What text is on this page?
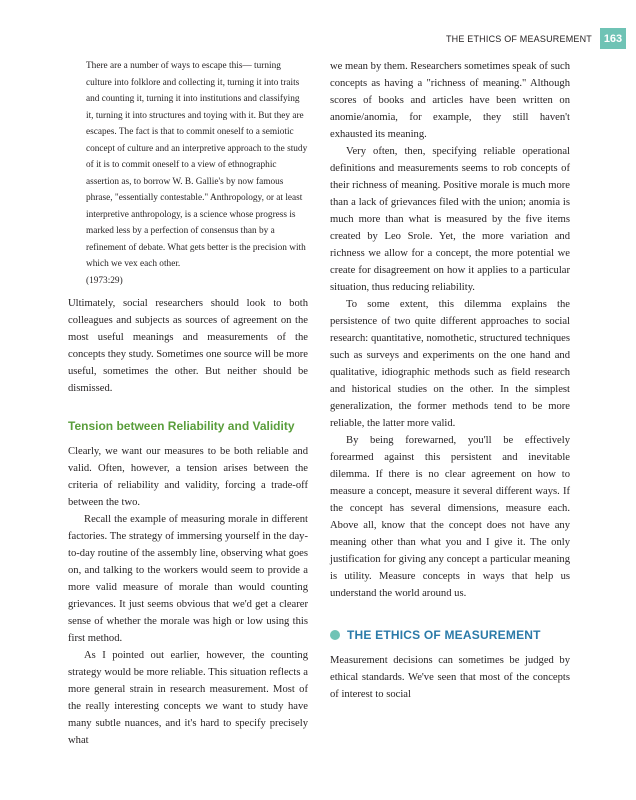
THE ETHICS OF MEASUREMENT	163

There are a number of ways to escape this— turning culture into folklore and collecting it, turning it into traits and counting it, turning it into institutions and classifying it, turning it into structures and toying with it. But they are escapes. The fact is that to commit oneself to a semiotic concept of culture and an interpretive approach to the study of it is to commit oneself to a view of ethnographic assertion as, to borrow W. B. Gallie's by now famous phrase, "essentially contestable." Anthropology, or at least interpretive anthropology, is a science whose progress is marked less by a perfection of consensus than by a refinement of debate. What gets better is the precision with which we vex each other.
(1973:29)

Ultimately, social researchers should look to both colleagues and subjects as sources of agreement on the most useful meanings and measurements of the concepts they study. Sometimes one source will be more useful, sometimes the other. But neither should be dismissed.

Tension between Reliability and Validity

Clearly, we want our measures to be both reliable and valid. Often, however, a tension arises between the criteria of reliability and validity, forcing a trade-off between the two.

Recall the example of measuring morale in different factories. The strategy of immersing yourself in the day-to-day routine of the assembly line, observing what goes on, and talking to the workers would seem to provide a more valid measure of morale than would counting grievances. It just seems obvious that we'd get a clearer sense of whether the morale was high or low using this first method.

As I pointed out earlier, however, the counting strategy would be more reliable. This situation reflects a more general strain in research measurement. Most of the really interesting concepts we want to study have many subtle nuances, and it's hard to specify precisely what

we mean by them. Researchers sometimes speak of such concepts as having a "richness of meaning." Although scores of books and articles have been written on anomie/anomia, for example, they still haven't exhausted its meaning.

Very often, then, specifying reliable operational definitions and measurements seems to rob concepts of their richness of meaning. Positive morale is much more than a lack of grievances filed with the union; anomia is much more than what is measured by the five items created by Leo Srole. Yet, the more variation and richness we allow for a concept, the more potential we create for disagreement on how it applies to a particular situation, thus reducing reliability.

To some extent, this dilemma explains the persistence of two quite different approaches to social research: quantitative, nomothetic, structured techniques such as surveys and experiments on the one hand and qualitative, idiographic methods such as field research and historical studies on the other. In the simplest generalization, the former methods tend to be more reliable, the latter more valid.

By being forewarned, you'll be effectively forearmed against this persistent and inevitable dilemma. If there is no clear agreement on how to measure a concept, measure it several different ways. If the concept has several dimensions, measure each. Above all, know that the concept does not have any meaning other than what you and I give it. The only justification for giving any concept a particular meaning is utility. Measure concepts in ways that help us understand the world around us.

THE ETHICS OF MEASUREMENT

Measurement decisions can sometimes be judged by ethical standards. We've seen that most of the concepts of interest to social
